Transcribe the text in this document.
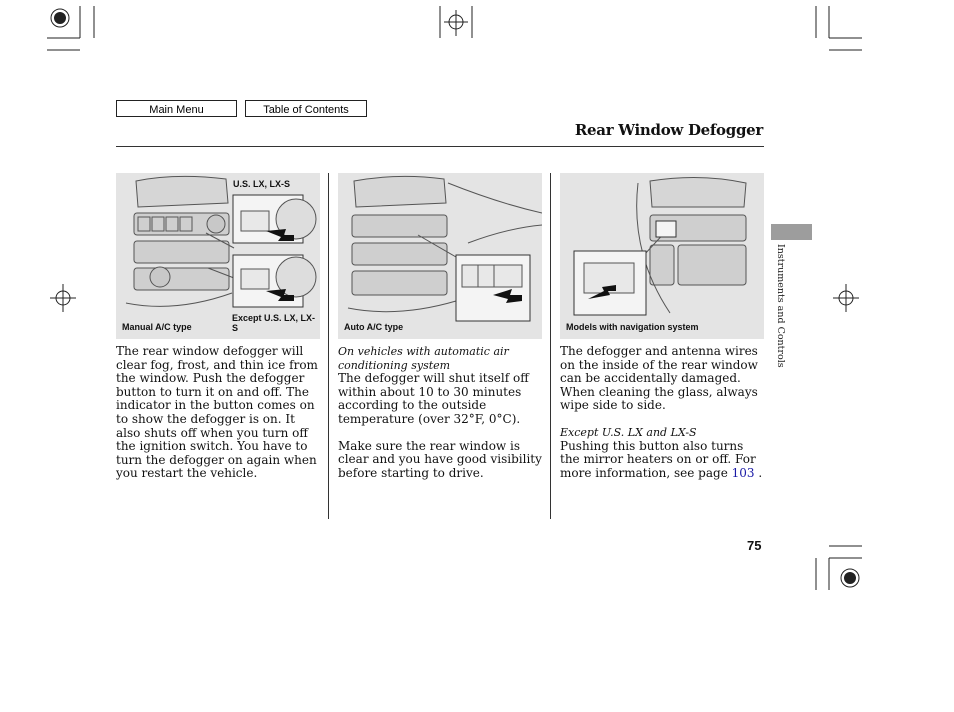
Main Menu	Table of Contents
Rear Window Defogger
U.S. LX, LX-S
Except U.S. LX, LX-S
Manual A/C type	Auto A/C type	Models with navigation system

The rear window defogger will clear fog, frost, and thin ice from the window. Push the defogger button to turn it on and off. The indicator in the button comes on to show the defogger is on. It also shuts off when you turn off the ignition switch. You have to turn the defogger on again when you restart the vehicle.

On vehicles with automatic air conditioning system

The defogger will shut itself off within about 10 to 30 minutes according to the outside temperature (over 32°F, 0°C).

Make sure the rear window is clear and you have good visibility before starting to drive.

The defogger and antenna wires on the inside of the rear window can be accidentally damaged. When cleaning the glass, always wipe side to side.

Except U.S. LX and LX-S

Pushing this button also turns the mirror heaters on or off. For more information, see page 103 .

Instruments and Controls
75
